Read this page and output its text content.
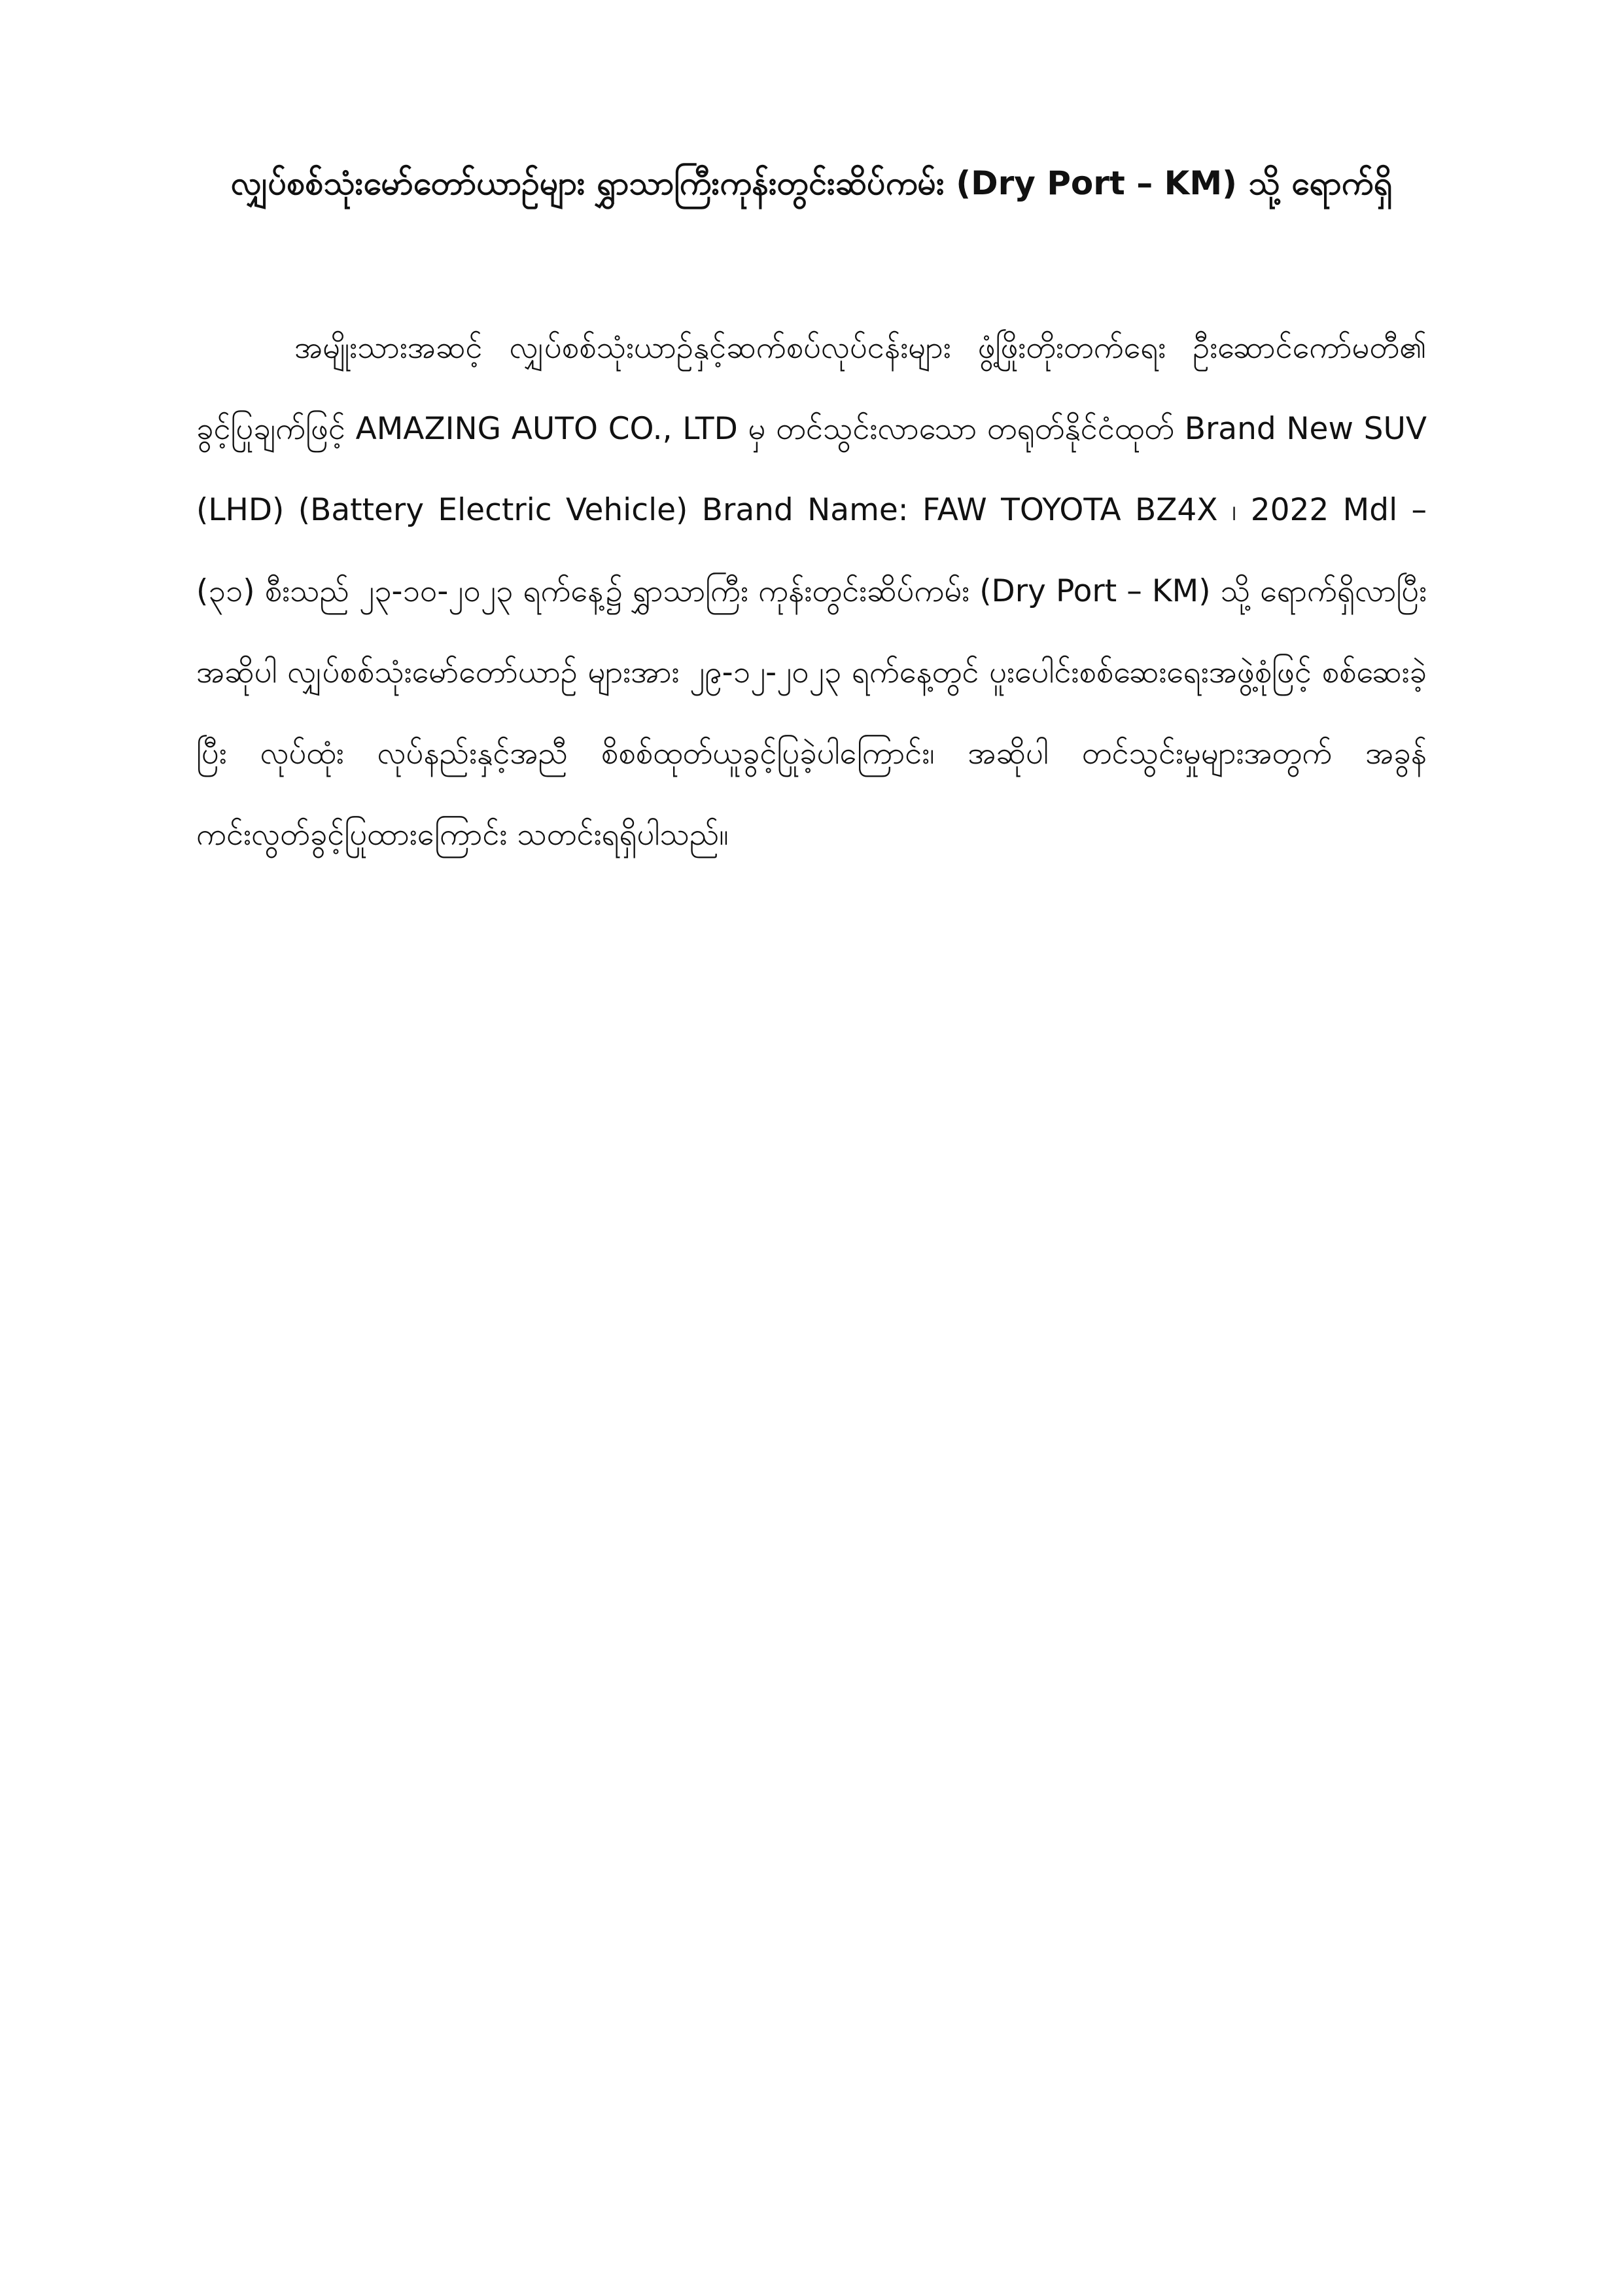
လျှပ်စစ်သုံးမော်တော်ယာဉ်များ ရွှာသာကြီးကုန်းတွင်းဆိပ်ကမ်း (Dry Port – KM) သို့ ရောက်ရှိ

အမျိုးသားအဆင့် လျှပ်စစ်သုံးယာဉ်နှင့်ဆက်စပ်လုပ်ငန်းများ ဖွံ့ဖြိုးတိုးတက်ရေး ဦးဆောင်ကော်မတီ၏ ခွင့်ပြုချက်ဖြင့် AMAZING AUTO CO., LTD မှ တင်သွင်းလာသော တရုတ်နိုင်ငံထုတ် Brand New SUV (LHD) (Battery Electric Vehicle) Brand Name: FAW TOYOTA BZ4X ၊ 2022 Mdl – (၃၁) စီးသည် ၂၃-၁၀-၂၀၂၃ ရက်နေ့၌ ရွှာသာကြီး ကုန်းတွင်းဆိပ်ကမ်း (Dry Port – KM) သို့ ရောက်ရှိလာပြီး အဆိုပါ လျှပ်စစ်သုံးမော်တော်ယာဉ် များအား ၂၉-၁၂-၂၀၂၃ ရက်နေ့တွင် ပူးပေါင်းစစ်ဆေးရေးအဖွဲ့စုံဖြင့် စစ်ဆေးခဲ့ပြီး လုပ်ထုံး လုပ်နည်းနှင့်အညီ စိစစ်ထုတ်ယူခွင့်ပြုခဲ့ပါကြောင်း၊ အဆိုပါ တင်သွင်းမှုများအတွက် အခွန် ကင်းလွတ်ခွင့်ပြုထားကြောင်း သတင်းရရှိပါသည်။
